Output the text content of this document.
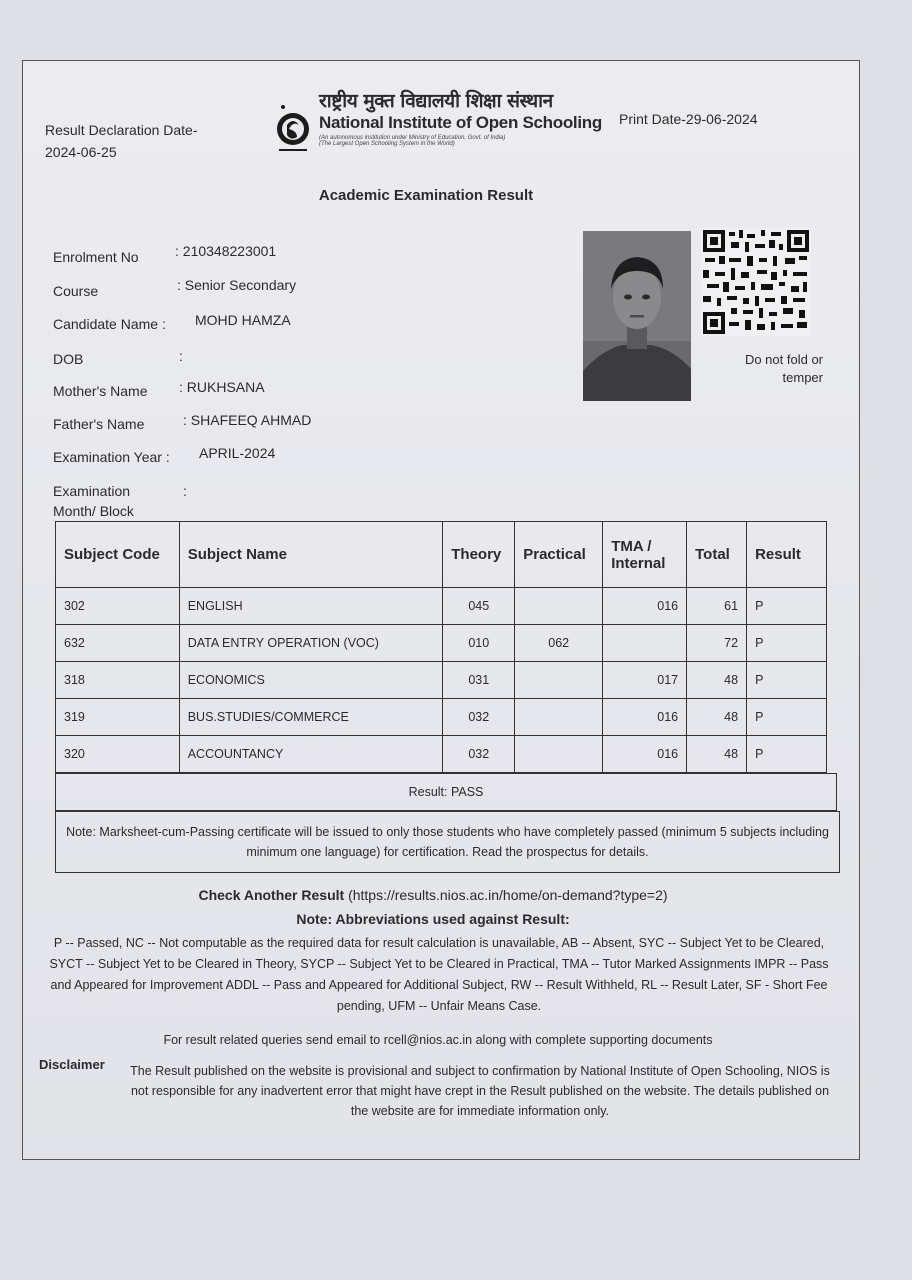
Result Declaration Date-
2024-06-25
राष्ट्रीय मुक्त विद्यालयी शिक्षा संस्थान
National Institute of Open Schooling
(An autonomous institution under Ministry of Education, Govt. of India)
(The Largest Open Schooling System in the World)
Print Date-29-06-2024
Academic Examination Result
Enrolment No	: 210348223001
Course	: Senior Secondary
Candidate Name : MOHD HAMZA
DOB	:
Mother's Name : RUKHSANA
Father's Name	: SHAFEEQ AHMAD
Examination Year : APRIL-2024
Examination
Month/ Block
:
Do not fold or temper
Subject Code	Subject Name	Theory	Practical	TMA / Internal	Total	Result
302	ENGLISH	045		016	61	P
632	DATA ENTRY OPERATION (VOC)	010	062		72	P
318	ECONOMICS	031		017	48	P
319	BUS.STUDIES/COMMERCE	032		016	48	P
320	ACCOUNTANCY	032		016	48	P
Result: PASS
Note: Marksheet-cum-Passing certificate will be issued to only those students who have completely passed (minimum 5 subjects including minimum one language) for certification. Read the prospectus for details.
Check Another Result (https://results.nios.ac.in/home/on-demand?type=2)
Note: Abbreviations used against Result:
P -- Passed, NC -- Not computable as the required data for result calculation is unavailable, AB -- Absent, SYC -- Subject Yet to be Cleared, SYCT -- Subject Yet to be Cleared in Theory, SYCP -- Subject Yet to be Cleared in Practical, TMA -- Tutor Marked Assignments IMPR -- Pass and Appeared for Improvement ADDL -- Pass and Appeared for Additional Subject, RW -- Result Withheld, RL -- Result Later, SF - Short Fee pending, UFM -- Unfair Means Case.
For result related queries send email to rcell@nios.ac.in along with complete supporting documents
Disclaimer	The Result published on the website is provisional and subject to confirmation by National Institute of Open Schooling, NIOS is not responsible for any inadvertent error that might have crept in the Result published on the website. The details published on the website are for immediate information only.
